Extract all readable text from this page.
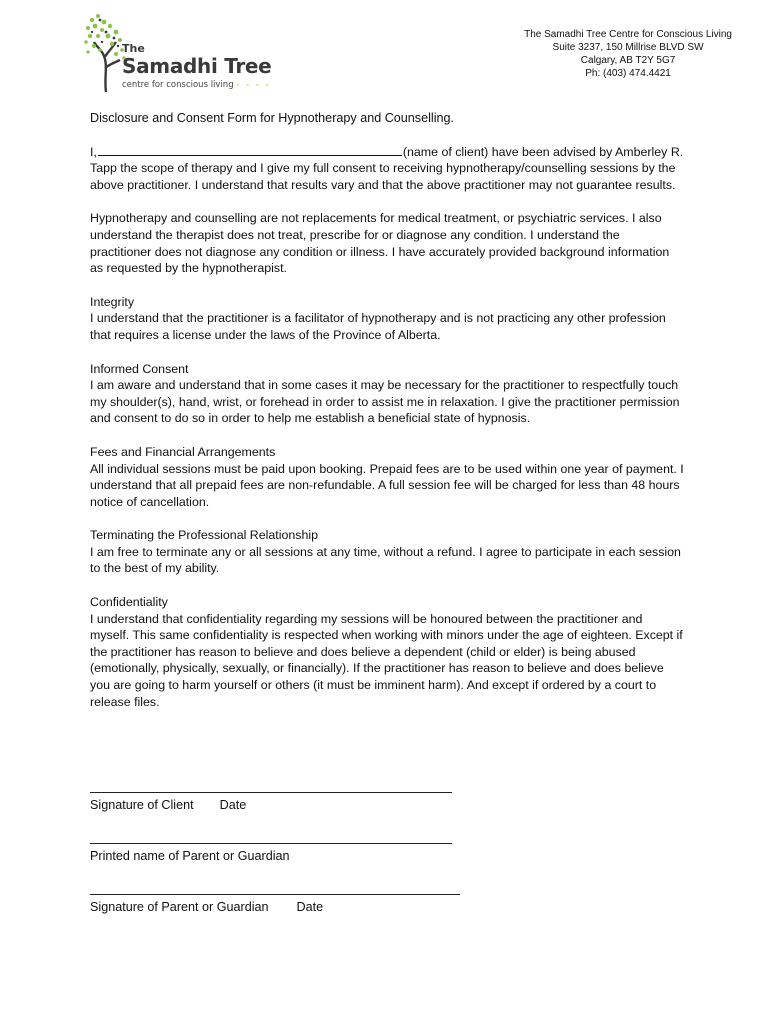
The
Samadhi Tree
centre for conscious living - - - -
The Samadhi Tree Centre for Conscious Living
Suite 3237, 150 Millrise BLVD SW
Calgary, AB T2Y 5G7
Ph: (403) 474.4421

Disclosure and Consent Form for Hypnotherapy and Counselling.

I,	(name of client) have been advised by Amberley R. Tapp the scope of therapy and I give my full consent to receiving hypnotherapy/counselling sessions by the above practitioner. I understand that results vary and that the above practitioner may not guarantee results.

Hypnotherapy and counselling are not replacements for medical treatment, or psychiatric services. I also understand the therapist does not treat, prescribe for or diagnose any condition. I understand the practitioner does not diagnose any condition or illness. I have accurately provided background information as requested by the hypnotherapist.

Integrity

I understand that the practitioner is a facilitator of hypnotherapy and is not practicing any other profession that requires a license under the laws of the Province of Alberta.

Informed Consent

I am aware and understand that in some cases it may be necessary for the practitioner to respectfully touch my shoulder(s), hand, wrist, or forehead in order to assist me in relaxation. I give the practitioner permission and consent to do so in order to help me establish a beneficial state of hypnosis.

Fees and Financial Arrangements

All individual sessions must be paid upon booking. Prepaid fees are to be used within one year of payment. I understand that all prepaid fees are non-refundable. A full session fee will be charged for less than 48 hours notice of cancellation.

Terminating the Professional Relationship

I am free to terminate any or all sessions at any time, without a refund. I agree to participate in each session to the best of my ability.

Confidentiality

I understand that confidentiality regarding my sessions will be honoured between the practitioner and myself. This same confidentiality is respected when working with minors under the age of eighteen. Except if the practitioner has reason to believe and does believe a dependent (child or elder) is being abused (emotionally, physically, sexually, or financially). If the practitioner has reason to believe and does believe you are going to harm yourself or others (it must be imminent harm). And except if ordered by a court to release files.

Signature of Client Date
Printed name of Parent or Guardian
Signature of Parent or Guardian Date
